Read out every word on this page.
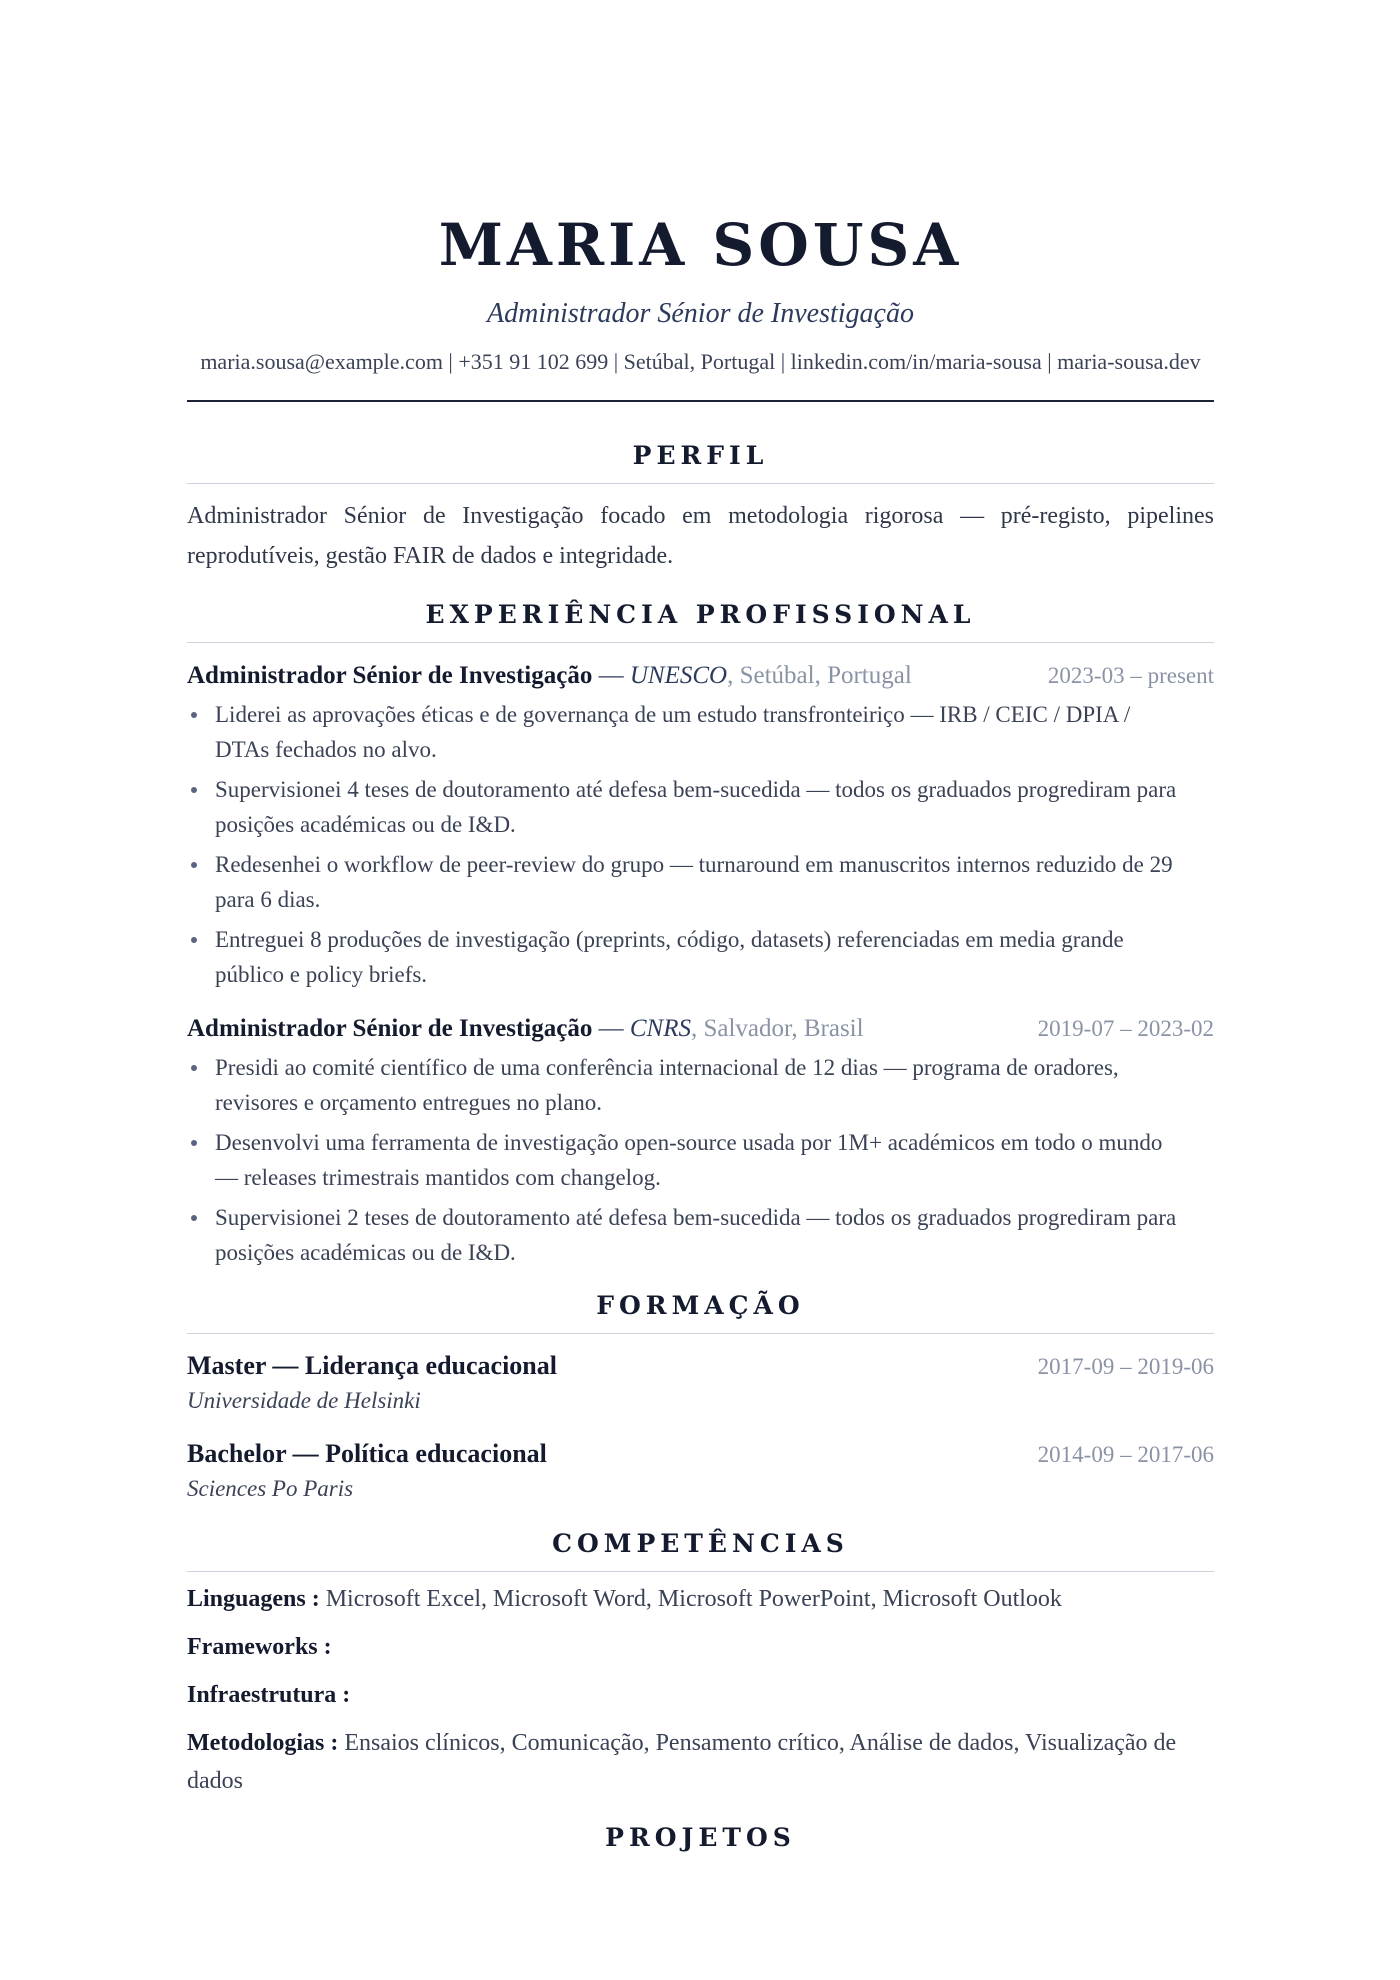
MARIA SOUSA
Administrador Sénior de Investigação
maria.sousa@example.com | +351 91 102 699 | Setúbal, Portugal | linkedin.com/in/maria-sousa | maria-sousa.dev
PERFIL
Administrador Sénior de Investigação focado em metodologia rigorosa — pré-registo, pipelines reprodutíveis, gestão FAIR de dados e integridade.
EXPERIÊNCIA PROFISSIONAL
Administrador Sénior de Investigação — UNESCO, Setúbal, Portugal	2023-03 – present
Liderei as aprovações éticas e de governança de um estudo transfronteiriço — IRB / CEIC / DPIA / DTAs fechados no alvo.
Supervisionei 4 teses de doutoramento até defesa bem-sucedida — todos os graduados progrediram para posições académicas ou de I&D.
Redesenhei o workflow de peer-review do grupo — turnaround em manuscritos internos reduzido de 29 para 6 dias.
Entreguei 8 produções de investigação (preprints, código, datasets) referenciadas em media grande público e policy briefs.
Administrador Sénior de Investigação — CNRS, Salvador, Brasil	2019-07 – 2023-02
Presidi ao comité científico de uma conferência internacional de 12 dias — programa de oradores, revisores e orçamento entregues no plano.
Desenvolvi uma ferramenta de investigação open-source usada por 1M+ académicos em todo o mundo — releases trimestrais mantidos com changelog.
Supervisionei 2 teses de doutoramento até defesa bem-sucedida — todos os graduados progrediram para posições académicas ou de I&D.
FORMAÇÃO
Master — Liderança educacional	2017-09 – 2019-06
Universidade de Helsinki
Bachelor — Política educacional	2014-09 – 2017-06
Sciences Po Paris
COMPETÊNCIAS
Linguagens : Microsoft Excel, Microsoft Word, Microsoft PowerPoint, Microsoft Outlook
Frameworks :
Infraestrutura :
Metodologias : Ensaios clínicos, Comunicação, Pensamento crítico, Análise de dados, Visualização de dados
PROJETOS
